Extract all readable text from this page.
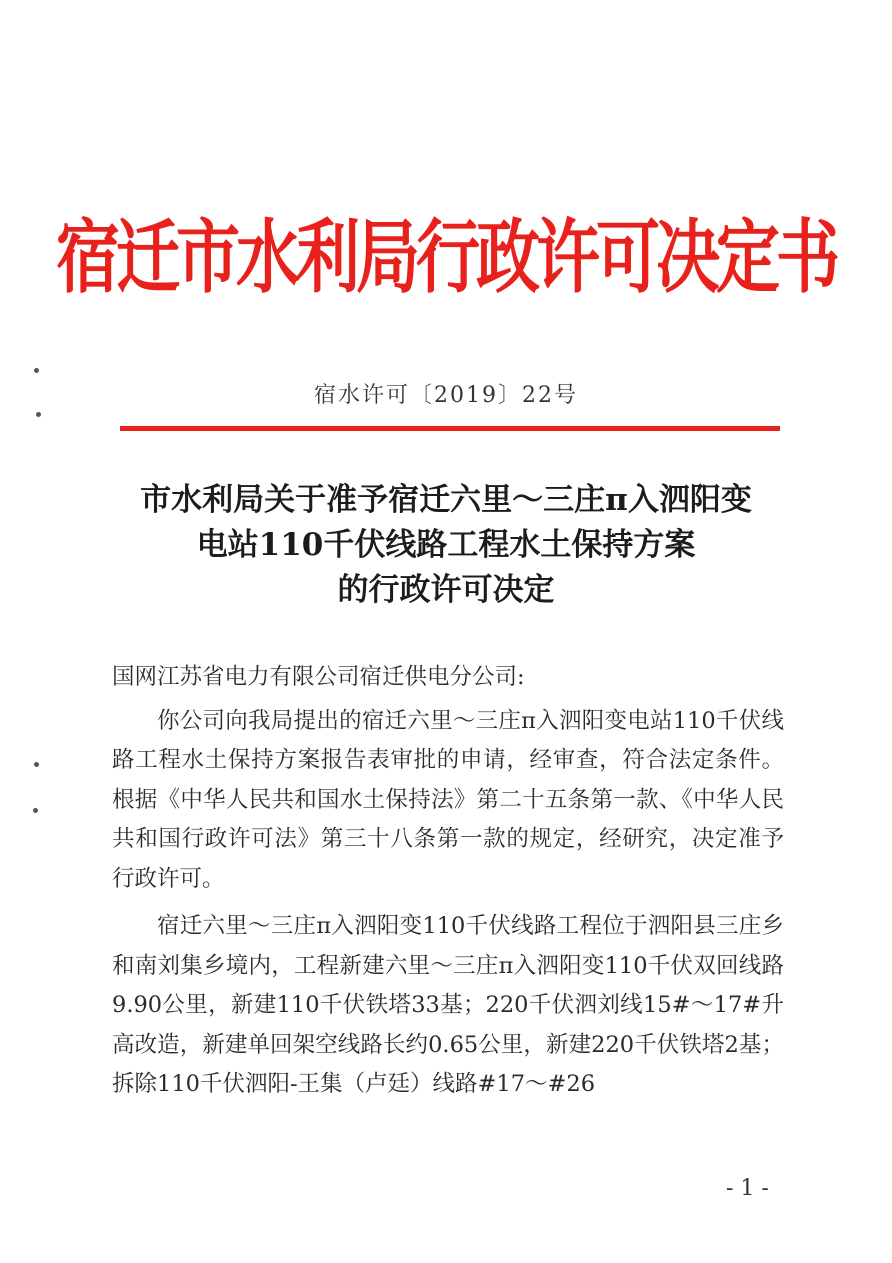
宿迁市水利局行政许可决定书
宿水许可〔2019〕22号
市水利局关于准予宿迁六里～三庄π入泗阳变
电站110千伏线路工程水土保持方案
的行政许可决定
国网江苏省电力有限公司宿迁供电分公司:
你公司向我局提出的宿迁六里～三庄π入泗阳变电站110千伏线路工程水土保持方案报告表审批的申请，经审查，符合法定条件。根据《中华人民共和国水土保持法》第二十五条第一款、《中华人民共和国行政许可法》第三十八条第一款的规定，经研究，决定准予行政许可。
宿迁六里～三庄π入泗阳变110千伏线路工程位于泗阳县三庄乡和南刘集乡境内，工程新建六里～三庄π入泗阳变110千伏双回线路9.90公里，新建110千伏铁塔33基；220千伏泗刘线15#～17#升高改造，新建单回架空线路长约0.65公里，新建220千伏铁塔2基；拆除110千伏泗阳-王集（卢廷）线路#17～#26
- 1 -
